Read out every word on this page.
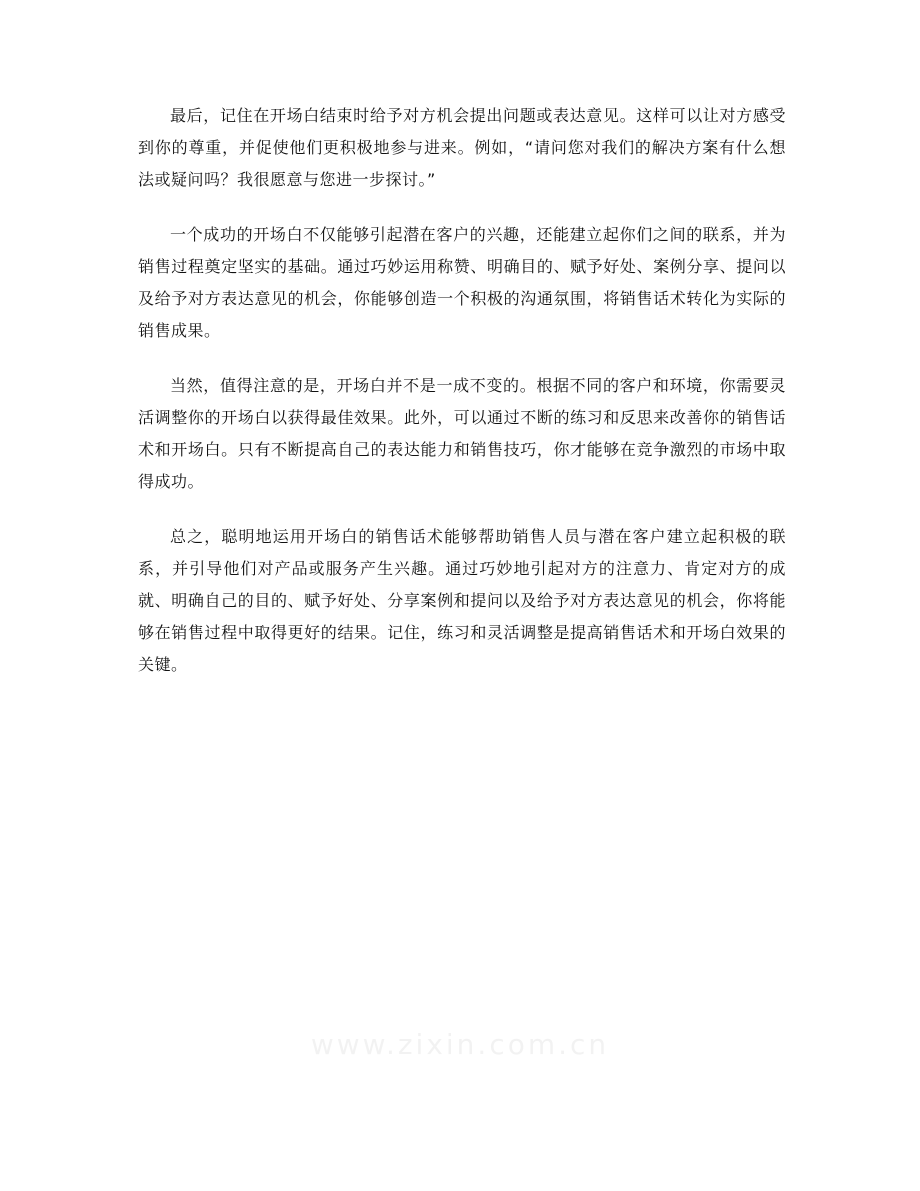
最后，记住在开场白结束时给予对方机会提出问题或表达意见。这样可以让对方感受到你的尊重，并促使他们更积极地参与进来。例如，“请问您对我们的解决方案有什么想法或疑问吗？我很愿意与您进一步探讨。”

一个成功的开场白不仅能够引起潜在客户的兴趣，还能建立起你们之间的联系，并为销售过程奠定坚实的基础。通过巧妙运用称赞、明确目的、赋予好处、案例分享、提问以及给予对方表达意见的机会，你能够创造一个积极的沟通氛围，将销售话术转化为实际的销售成果。

当然，值得注意的是，开场白并不是一成不变的。根据不同的客户和环境，你需要灵活调整你的开场白以获得最佳效果。此外，可以通过不断的练习和反思来改善你的销售话术和开场白。只有不断提高自己的表达能力和销售技巧，你才能够在竞争激烈的市场中取得成功。

总之，聪明地运用开场白的销售话术能够帮助销售人员与潜在客户建立起积极的联系，并引导他们对产品或服务产生兴趣。通过巧妙地引起对方的注意力、肯定对方的成就、明确自己的目的、赋予好处、分享案例和提问以及给予对方表达意见的机会，你将能够在销售过程中取得更好的结果。记住，练习和灵活调整是提高销售话术和开场白效果的关键。

www.zixin.com.cn
